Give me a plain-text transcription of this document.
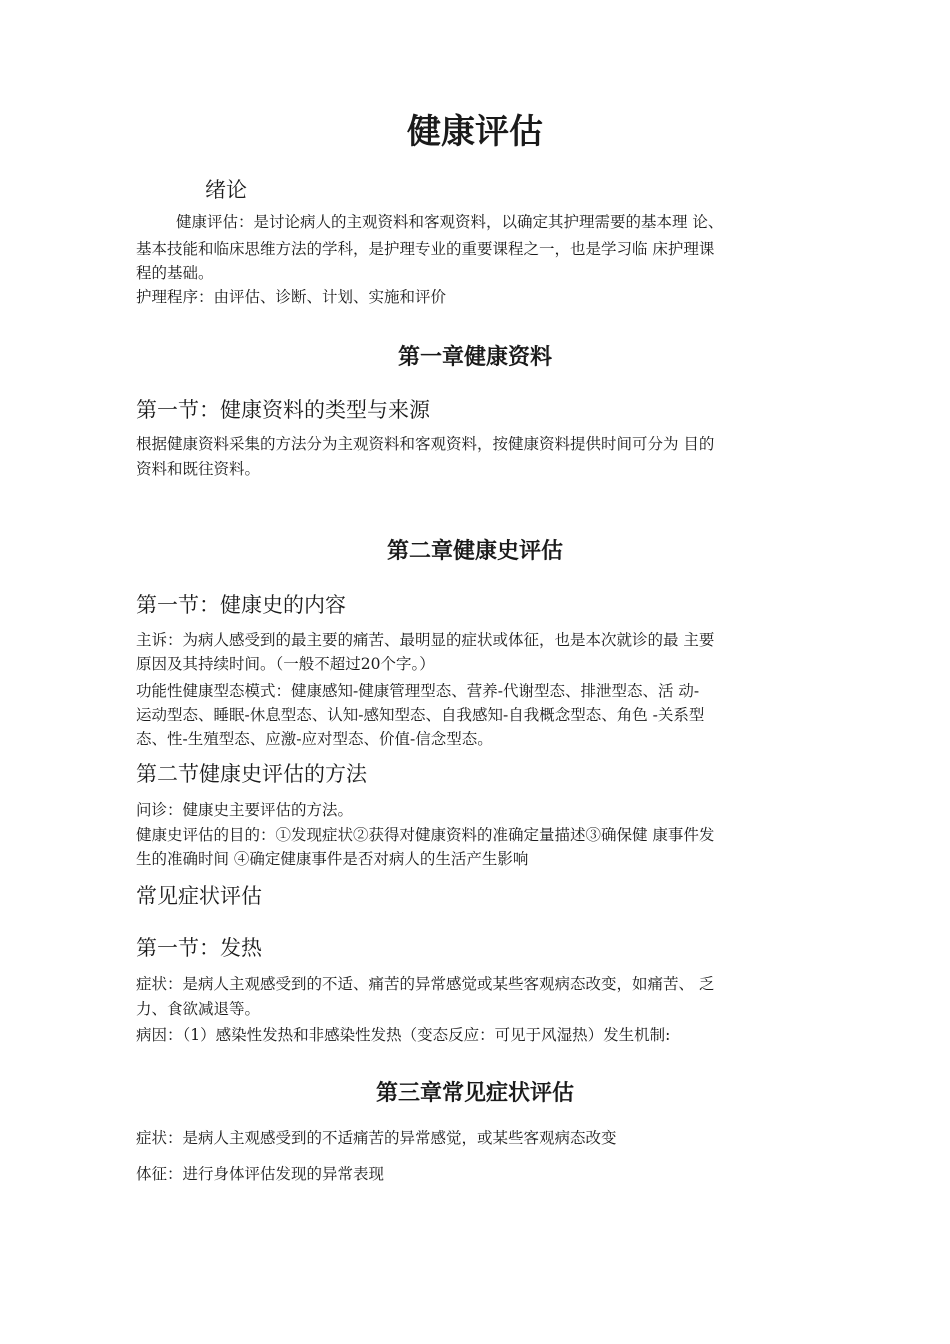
健康评估
绪论
健康评估：是讨论病人的主观资料和客观资料，以确定其护理需要的基本理 论、
基本技能和临床思维方法的学科，是护理专业的重要课程之一，也是学习临 床护理课
程的基础。
护理程序：由评估、诊断、计划、实施和评价
第一章健康资料
第一节：健康资料的类型与来源
根据健康资料采集的方法分为主观资料和客观资料，按健康资料提供时间可分为 目的
资料和既往资料。
第二章健康史评估
第一节：健康史的内容
主诉：为病人感受到的最主要的痛苦、最明显的症状或体征，也是本次就诊的最 主要
原因及其持续时间。（一般不超过20个字。）
功能性健康型态模式：健康感知-健康管理型态、营养-代谢型态、排泄型态、活 动-
运动型态、睡眠-休息型态、认知-感知型态、自我感知-自我概念型态、角色 -关系型
态、性-生殖型态、应激-应对型态、价值-信念型态。
第二节健康史评估的方法
问诊：健康史主要评估的方法。
健康史评估的目的：①发现症状②获得对健康资料的准确定量描述③确保健 康事件发
生的准确时间 ④确定健康事件是否对病人的生活产生影响
常见症状评估
第一节：发热
症状：是病人主观感受到的不适、痛苦的异常感觉或某些客观病态改变，如痛苦、 乏
力、食欲减退等。
病因：（1）感染性发热和非感染性发热（变态反应：可见于风湿热）发生机制:
第三章常见症状评估
症状：是病人主观感受到的不适痛苦的异常感觉，或某些客观病态改变
体征：进行身体评估发现的异常表现
